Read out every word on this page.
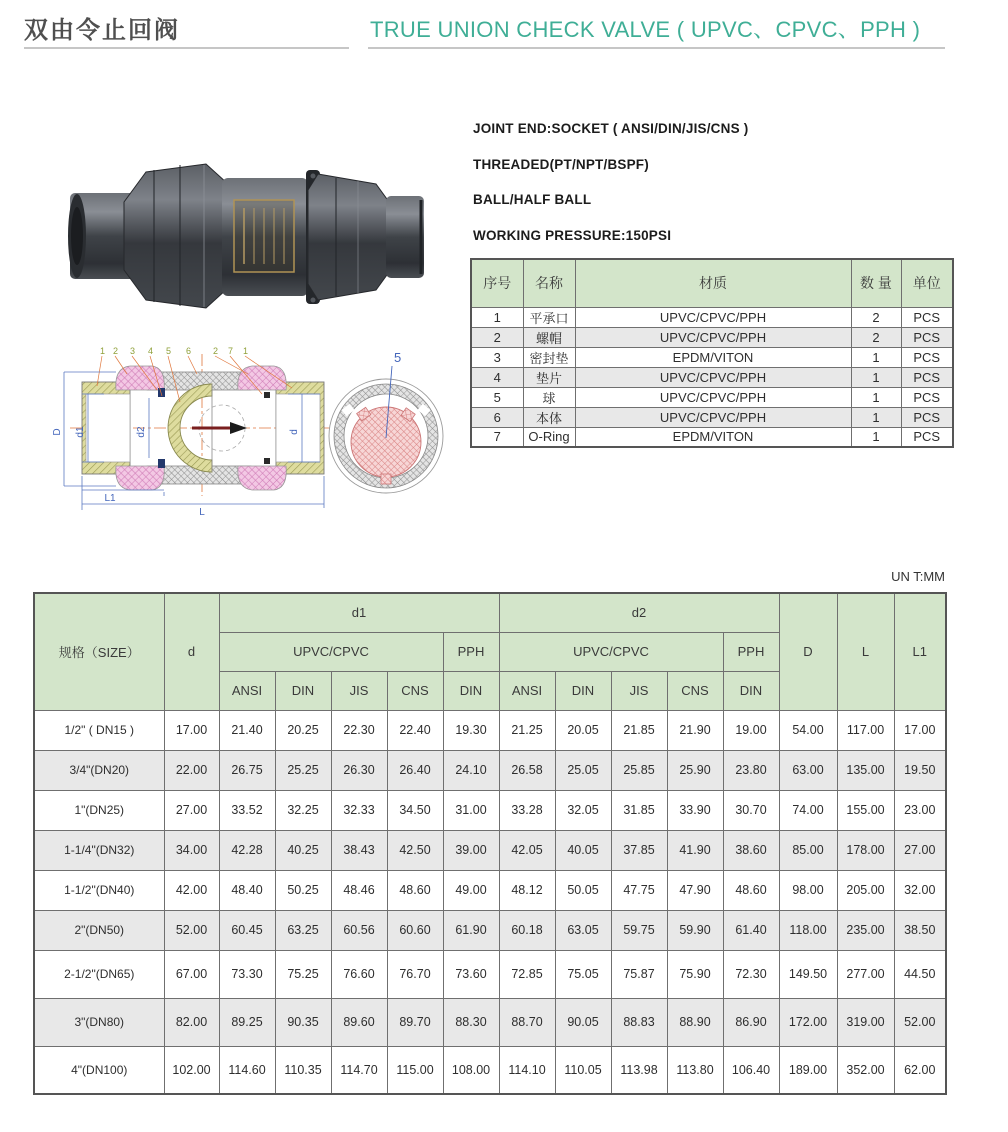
双由令止回阀	TRUE UNION CHECK VALVE ( UPVC、CPVC、PPH )
JOINT END:SOCKET ( ANSI/DIN/JIS/CNS )
THREADED(PT/NPT/BSPF)
BALL/HALF BALL
WORKING PRESSURE:150PSI
序号	名称	材质	数 量	单位
1	平承口	UPVC/CPVC/PPH	2	PCS
2	螺帽	UPVC/CPVC/PPH	2	PCS
3	密封垫	EPDM/VITON	1	PCS
4	垫片	UPVC/CPVC/PPH	1	PCS
5	球	UPVC/CPVC/PPH	1	PCS
6	本体	UPVC/CPVC/PPH	1	PCS
7	O-Ring	EPDM/VITON	1	PCS
1 2 3 4 5 6 2 7 1
D d1	d2	d
L1
L
5
UN T:MM
规格（SIZE）	d	d1					d2					D	L	L1
		UPVC/CPVC				PPH	UPVC/CPVC				PPH			
		ANSI	DIN	JIS	CNS	DIN	ANSI	DIN	JIS	CNS	DIN			
1/2" ( DN15 )	17.00	21.40	20.25	22.30	22.40	19.30	21.25	20.05	21.85	21.90	19.00	54.00	117.00	17.00
3/4"(DN20)	22.00	26.75	25.25	26.30	26.40	24.10	26.58	25.05	25.85	25.90	23.80	63.00	135.00	19.50
1"(DN25)	27.00	33.52	32.25	32.33	34.50	31.00	33.28	32.05	31.85	33.90	30.70	74.00	155.00	23.00
1-1/4"(DN32)	34.00	42.28	40.25	38.43	42.50	39.00	42.05	40.05	37.85	41.90	38.60	85.00	178.00	27.00
1-1/2"(DN40)	42.00	48.40	50.25	48.46	48.60	49.00	48.12	50.05	47.75	47.90	48.60	98.00	205.00	32.00
2"(DN50)	52.00	60.45	63.25	60.56	60.60	61.90	60.18	63.05	59.75	59.90	61.40	118.00	235.00	38.50
2-1/2"(DN65)	67.00	73.30	75.25	76.60	76.70	73.60	72.85	75.05	75.87	75.90	72.30	149.50	277.00	44.50
3"(DN80)	82.00	89.25	90.35	89.60	89.70	88.30	88.70	90.05	88.83	88.90	86.90	172.00	319.00	52.00
4"(DN100)	102.00	114.60	110.35	114.70	115.00	108.00	114.10	110.05	113.98	113.80	106.40	189.00	352.00	62.00
